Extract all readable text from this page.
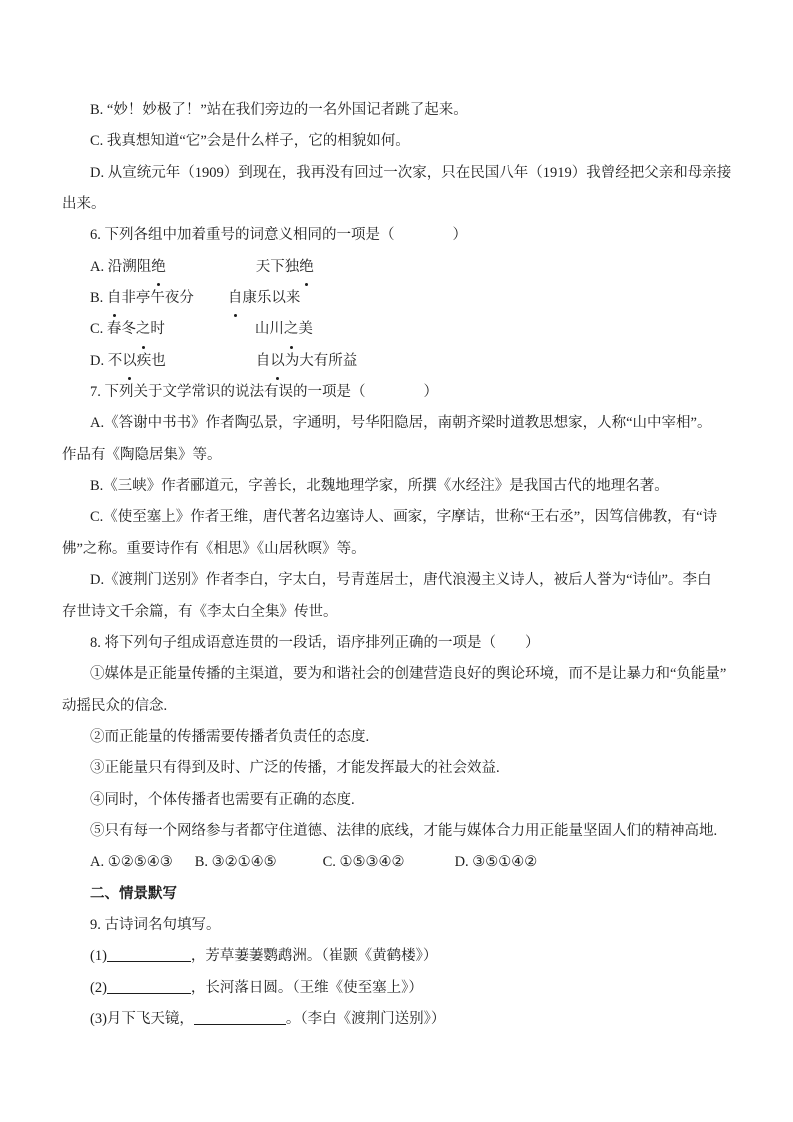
B. “妙！妙极了！”站在我们旁边的一名外国记者跳了起来。
C. 我真想知道“它”会是什么样子，它的相貌如何。
D. 从宣统元年（1909）到现在，我再没有回过一次家，只在民国八年（1919）我曾经把父亲和母亲接
出来。
6. 下列各组中加着重号的词意义相同的一项是（　　　　）
A. 沿溯阻绝	天下独绝
B. 自非亭午夜分 自康乐以来
C. 春冬之时	山川之美
D. 不以疾也	自以为大有所益
7. 下列关于文学常识的说法有误的一项是（　　　　）
A.《答谢中书书》作者陶弘景，字通明，号华阳隐居，南朝齐梁时道教思想家，人称“山中宰相”。
作品有《陶隐居集》等。
B.《三峡》作者郦道元，字善长，北魏地理学家，所撰《水经注》是我国古代的地理名著。
C.《使至塞上》作者王维，唐代著名边塞诗人、画家，字摩诘，世称“王右丞”，因笃信佛教，有“诗
佛”之称。重要诗作有《相思》《山居秋暝》等。
D.《渡荆门送别》作者李白，字太白，号青莲居士，唐代浪漫主义诗人，被后人誉为“诗仙”。李白
存世诗文千余篇，有《李太白全集》传世。
8. 将下列句子组成语意连贯的一段话，语序排列正确的一项是（　　）
①媒体是正能量传播的主渠道，要为和谐社会的创建营造良好的舆论环境，而不是让暴力和“负能量”
动摇民众的信念.
②而正能量的传播需要传播者负责任的态度.
③正能量只有得到及时、广泛的传播，才能发挥最大的社会效益.
④同时，个体传播者也需要有正确的态度.
⑤只有每一个网络参与者都守住道德、法律的底线，才能与媒体合力用正能量坚固人们的精神高地.
A. ①②⑤④③ B. ③②①④⑤	C. ①⑤③④②	D. ③⑤①④②
二、情景默写
9. 古诗词名句填写。
(1)	，芳草萋萋鹦鹉洲。（崔颢《黄鹤楼》）
(2)	，长河落日圆。（王维《使至塞上》）
(3)月下飞天镜，	。（李白《渡荆门送别》）
